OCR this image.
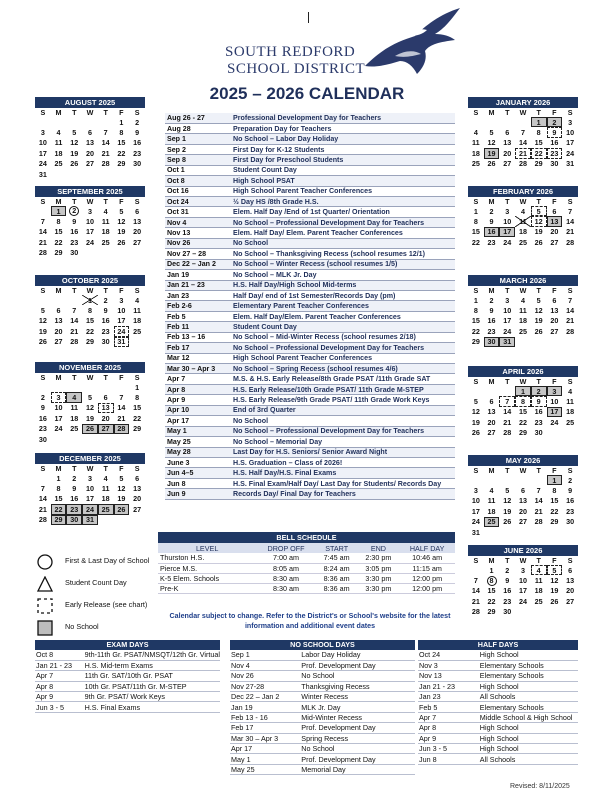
SOUTH REDFORD
SCHOOL DISTRICT
2025 – 2026 CALENDAR
AUGUST 2025
S	M	T	W	T	F	S
					1	2
3	4	5	6	7	8	9
10	11	12	13	14	15	16
17	18	19	20	21	22	23
24	25	26	27	28	29	30
31						
SEPTEMBER 2025
S	M	T	W	T	F	S
	1	2	3	4	5	6
7	8	9	10	11	12	13
14	15	16	17	18	19	20
21	22	23	24	25	26	27
28	29	30				
OCTOBER 2025
S	M	T	W	T	F	S
			1	2	3	4
5	6	7	8	9	10	11
12	13	14	15	16	17	18
19	20	21	22	23	24	25
26	27	28	29	30	31	
NOVEMBER 2025
S	M	T	W	T	F	S
						1
2	3	4	5	6	7	8
9	10	11	12	13	14	15
16	17	18	19	20	21	22
23	24	25	26	27	28	29
30						
DECEMBER 2025
S	M	T	W	T	F	S
	1	2	3	4	5	6
7	8	9	10	11	12	13
14	15	16	17	18	19	20
21	22	23	24	25	26	27
28	29	30	31			
JANUARY 2026
S	M	T	W	T	F	S
				1	2	3
4	5	6	7	8	9	10
11	12	13	14	15	16	17
18	19	20	21	22	23	24
25	26	27	28	29	30	31
FEBRUARY 2026
S	M	T	W	T	F	S
1	2	3	4	5	6	7
8	9	10	11	12	13	14
15	16	17	18	19	20	21
22	23	24	25	26	27	28
MARCH 2026
S	M	T	W	T	F	S
1	2	3	4	5	6	7
8	9	10	11	12	13	14
15	16	17	18	19	20	21
22	23	24	25	26	27	28
29	30	31				
APRIL 2026
S	M	T	W	T	F	S
			1	2	3	4
5	6	7	8	9	10	11
12	13	14	15	16	17	18
19	20	21	22	23	24	25
26	27	28	29	30		
MAY 2026
S	M	T	W	T	F	S
					1	2
3	4	5	6	7	8	9
10	11	12	13	14	15	16
17	18	19	20	21	22	23
24	25	26	27	28	29	30
31						
JUNE 2026
S	M	T	W	T	F	S
	1	2	3	4	5	6
7	8	9	10	11	12	13
14	15	16	17	18	19	20
21	22	23	24	25	26	27
28	29	30				
Aug 26 - 27	Professional Development Day for Teachers
Aug 28	Preparation Day for Teachers
Sep 1	No School – Labor Day Holiday
Sep 2	First Day for K-12 Students
Sep 8	First Day for Preschool Students
Oct 1	Student Count Day
Oct 8	High School PSAT
Oct 16	High School Parent Teacher Conferences
Oct 24	½ Day HS /8th Grade H.S.
Oct 31	Elem. Half Day /End of 1st Quarter/ Orientation
Nov 4	No School – Professional Development Day for Teachers
Nov 13	Elem. Half Day/ Elem. Parent Teacher Conferences
Nov 26	No School
Nov 27 – 28	No School – Thanksgiving Recess (school resumes 12/1)
Dec 22 – Jan 2	No School – Winter Recess (school resumes 1/5)
Jan 19	No School – MLK Jr. Day
Jan 21 – 23	H.S. Half Day/High School Mid-terms
Jan 23	Half Day/ end of 1st Semester/Records Day (pm)
Feb 2-6	Elementary Parent Teacher Conferences
Feb 5	Elem. Half Day/Elem. Parent Teacher Conferences
Feb 11	Student Count Day
Feb 13 – 16	No School – Mid-Winter Recess (school resumes 2/18)
Feb 17	No School – Professional Development Day for Teachers
Mar 12	High School Parent Teacher Conferences
Mar 30 – Apr 3	No School – Spring Recess (school resumes 4/6)
Apr 7	M.S. & H.S. Early Release/8th Grade PSAT /11th Grade SAT
Apr 8	H.S. Early Release/10th Grade PSAT/ 11th Grade M-STEP
Apr 9	H.S. Early Release/9th Grade PSAT/ 11th Grade Work Keys
Apr 10	End of 3rd Quarter
Apr 17	No School
May 1	No School – Professional Development Day for Teachers
May 25	No School – Memorial Day
May 28	Last Day for H.S. Seniors/ Senior Award Night
June 3	H.S. Graduation – Class of 2026!
Jun 4–5	H.S. Half Day/H.S. Final Exams
Jun 8	H.S. Final Exam/Half Day/ Last Day for Students/ Records Day
Jun 9	Records Day/ Final Day for Teachers
BELL SCHEDULE
LEVEL	DROP OFF	START	END	HALF DAY
Thurston H.S.	7:00 am	7:45 am	2:30 pm	10:46 am
Pierce M.S.	8:05 am	8:24 am	3:05 pm	11:15 am
K-5 Elem. Schools	8:30 am	8:36 am	3:30 pm	12:00 pm
Pre-K	8:30 am	8:36 am	3:30 pm	12:00 pm
Calendar subject to change. Refer to the District's or School's website for the latest information and additional event dates
First & Last Day of School
Student Count Day
Early Release (see chart)
No School
EXAM DAYS
Oct 8	9th-11th Gr. PSAT/NMSQT/12th Gr. Virtual
Jan 21 - 23	H.S. Mid-term Exams
Apr 7	11th Gr. SAT/10th Gr. PSAT
Apr 8	10th Gr. PSAT/11th Gr. M-STEP
Apr 9	9th Gr. PSAT/ Work Keys
Jun 3 - 5	H.S. Final Exams
NO SCHOOL DAYS
Sep 1	Labor Day Holiday
Nov 4	Prof. Development Day
Nov 26	No School
Nov 27-28	Thanksgiving Recess
Dec 22 – Jan 2	Winter Recess
Jan 19	MLK Jr. Day
Feb 13 - 16	Mid-Winter Recess
Feb 17	Prof. Development Day
Mar 30 – Apr 3	Spring Recess
Apr 17	No School
May 1	Prof. Development Day
May 25	Memorial Day
HALF DAYS
Oct 24	High School
Nov 3	Elementary Schools
Nov 13	Elementary Schools
Jan 21 - 23	High School
Jan 23	All Schools
Feb 5	Elementary Schools
Apr 7	Middle School & High School
Apr 8	High School
Apr 9	High School
Jun 3 - 5	High School
Jun 8	All Schools
Revised: 8/11/2025
